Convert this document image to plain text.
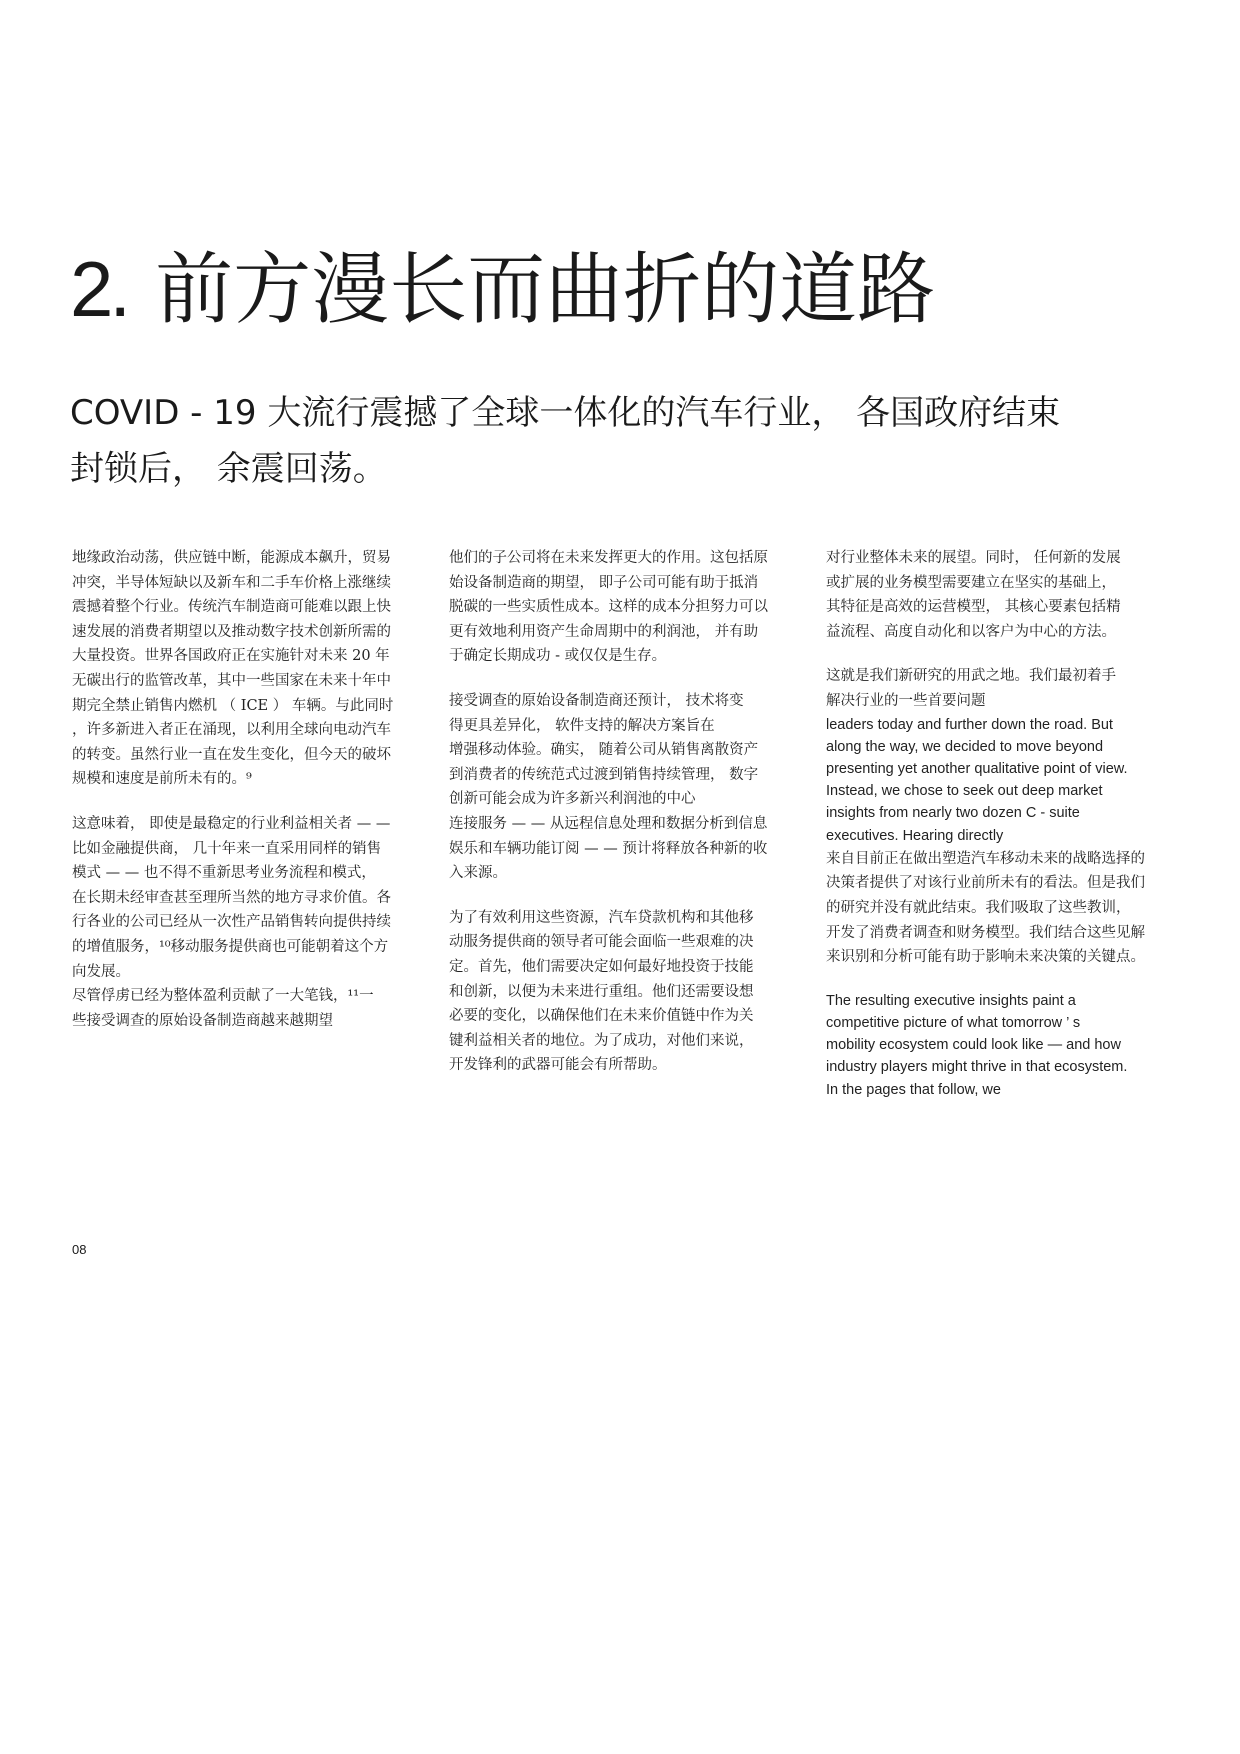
2. 前方漫长而曲折的道路
COVID - 19 大流行震撼了全球一体化的汽车行业， 各国政府结束
封锁后， 余震回荡。
地缘政治动荡，供应链中断，能源成本飙升，贸易
冲突，半导体短缺以及新车和二手车价格上涨继续
震撼着整个行业。传统汽车制造商可能难以跟上快
速发展的消费者期望以及推动数字技术创新所需的
大量投资。世界各国政府正在实施针对未来 20 年
无碳出行的监管改革，其中一些国家在未来十年中
期完全禁止销售内燃机 （ ICE ） 车辆。与此同时
，许多新进入者正在涌现，以利用全球向电动汽车
的转变。虽然行业一直在发生变化，但今天的破坏
规模和速度是前所未有的。⁹
这意味着， 即使是最稳定的行业利益相关者 — —
比如金融提供商， 几十年来一直采用同样的销售
模式 — — 也不得不重新思考业务流程和模式，
在长期未经审查甚至理所当然的地方寻求价值。各
行各业的公司已经从一次性产品销售转向提供持续
的增值服务，¹⁰移动服务提供商也可能朝着这个方
向发展。
尽管俘虏已经为整体盈利贡献了一大笔钱，¹¹一
些接受调查的原始设备制造商越来越期望
他们的子公司将在未来发挥更大的作用。这包括原
始设备制造商的期望， 即子公司可能有助于抵消
脱碳的一些实质性成本。这样的成本分担努力可以
更有效地利用资产生命周期中的利润池， 并有助
于确定长期成功 - 或仅仅是生存。
接受调查的原始设备制造商还预计， 技术将变
得更具差异化， 软件支持的解决方案旨在
增强移动体验。确实， 随着公司从销售离散资产
到消费者的传统范式过渡到销售持续管理， 数字
创新可能会成为许多新兴利润池的中心
连接服务 — — 从远程信息处理和数据分析到信息
娱乐和车辆功能订阅 — — 预计将释放各种新的收
入来源。
为了有效利用这些资源，汽车贷款机构和其他移
动服务提供商的领导者可能会面临一些艰难的决
定。首先，他们需要决定如何最好地投资于技能
和创新，以便为未来进行重组。他们还需要设想
必要的变化，以确保他们在未来价值链中作为关
键利益相关者的地位。为了成功，对他们来说，
开发锋利的武器可能会有所帮助。
对行业整体未来的展望。同时， 任何新的发展
或扩展的业务模型需要建立在坚实的基础上，
其特征是高效的运营模型， 其核心要素包括精
益流程、高度自动化和以客户为中心的方法。
这就是我们新研究的用武之地。我们最初着手
解决行业的一些首要问题
leaders today and further down the road. But
along the way, we decided to move beyond
presenting yet another qualitative point of view.
Instead, we chose to seek out deep market
insights from nearly two dozen C - suite
executives. Hearing directly
来自目前正在做出塑造汽车移动未来的战略选择的
决策者提供了对该行业前所未有的看法。但是我们
的研究并没有就此结束。我们吸取了这些教训，
开发了消费者调查和财务模型。我们结合这些见解
来识别和分析可能有助于影响未来决策的关键点。
The resulting executive insights paint a
competitive picture of what tomorrow ’ s
mobility ecosystem could look like — and how
industry players might thrive in that ecosystem.
In the pages that follow, we
08
